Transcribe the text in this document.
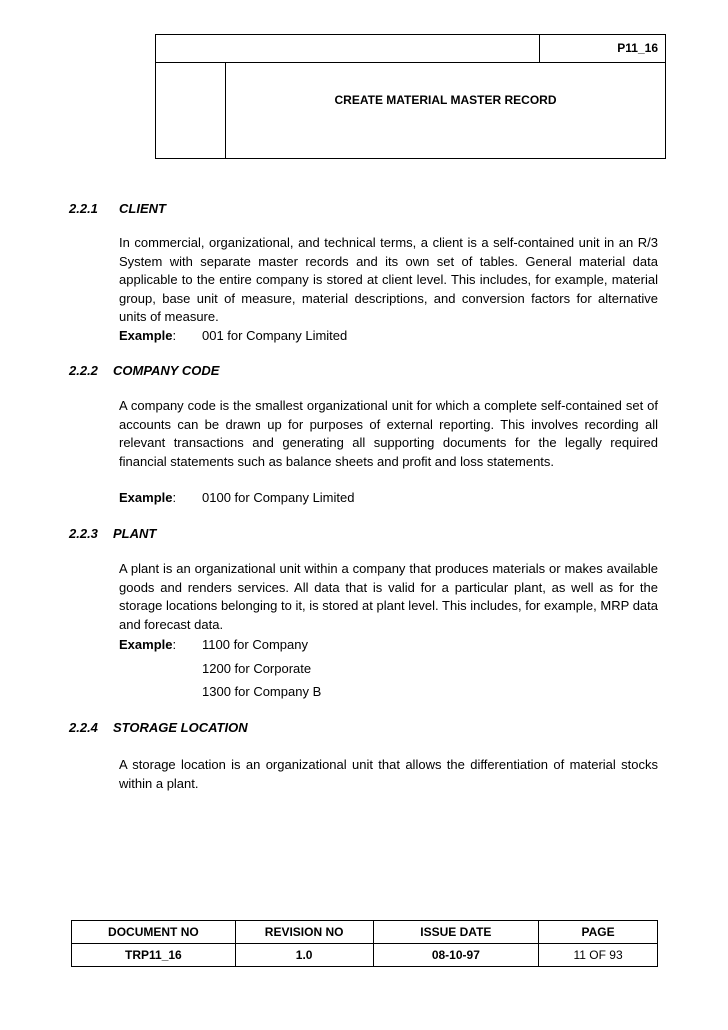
P11_16
CREATE MATERIAL MASTER RECORD
2.2.1 CLIENT
In commercial, organizational, and technical terms, a client is a self-contained unit in an R/3 System with separate master records and its own set of tables. General material data applicable to the entire company is stored at client level. This includes, for example, material group, base unit of measure, material descriptions, and conversion factors for alternative units of measure.
Example: 001 for Company Limited
2.2.2 COMPANY CODE
A company code is the smallest organizational unit for which a complete self-contained set of accounts can be drawn up for purposes of external reporting. This involves recording all relevant transactions and generating all supporting documents for the legally required financial statements such as balance sheets and profit and loss statements.
Example: 0100 for Company Limited
2.2.3 PLANT
A plant is an organizational unit within a company that produces materials or makes available goods and renders services. All data that is valid for a particular plant, as well as for the storage locations belonging to it, is stored at plant level. This includes, for example, MRP data and forecast data.
Example: 1100 for Company
1200 for Corporate
1300 for Company B
2.2.4 STORAGE LOCATION
A storage location is an organizational unit that allows the differentiation of material stocks within a plant.
DOCUMENT NO	REVISION NO	ISSUE DATE	PAGE
TRP11_16	1.0	08-10-97	11 OF 93
